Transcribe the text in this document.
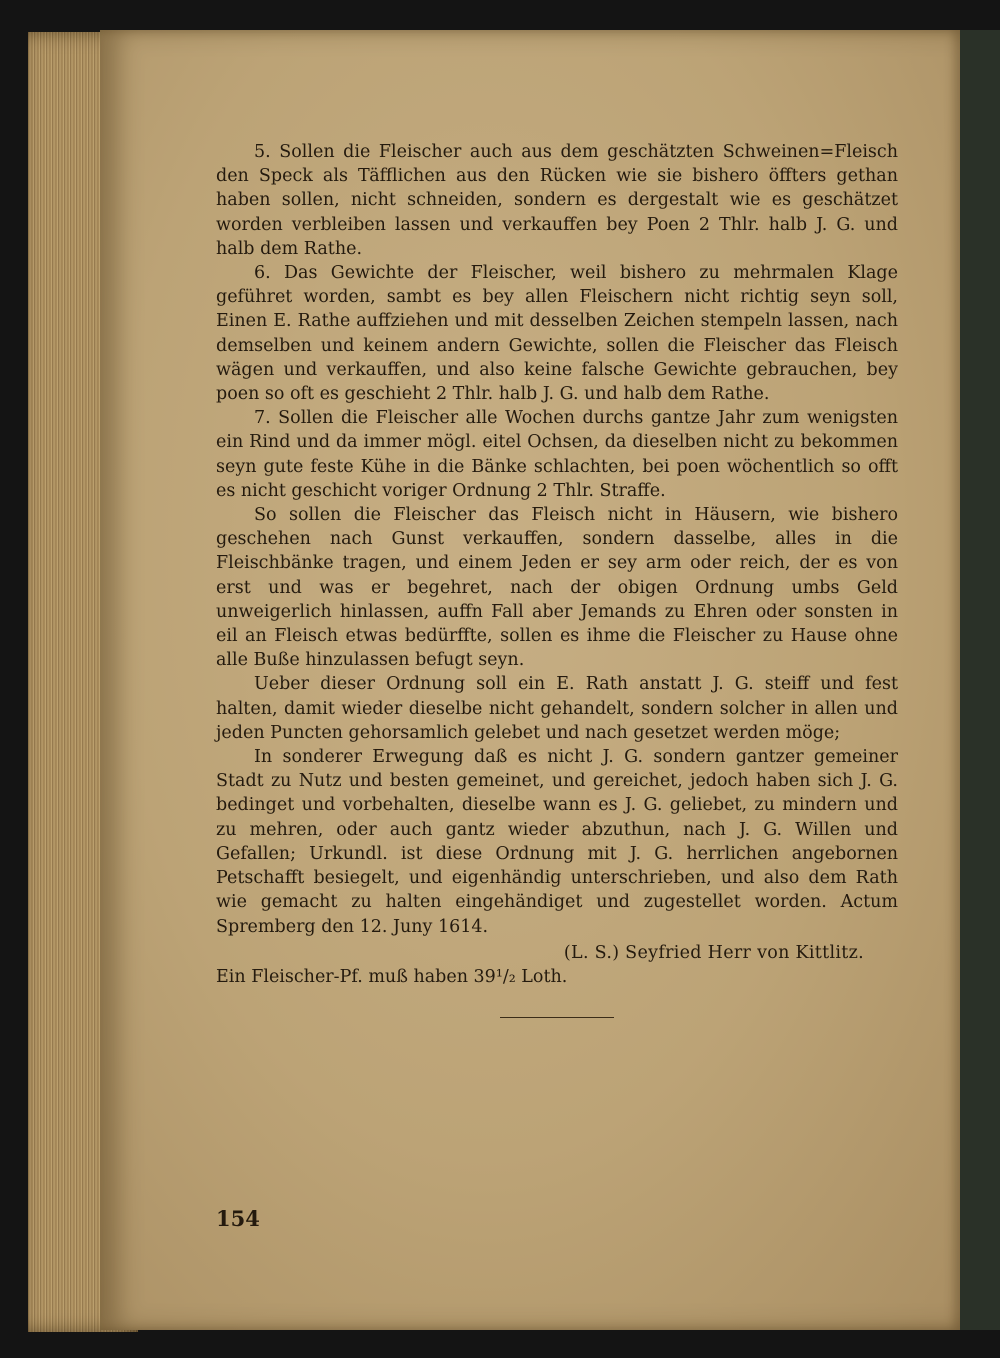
5. Sollen die Fleischer auch aus dem geschätzten Schweinen=Fleisch den Speck als Täfflichen aus den Rücken wie sie bishero öffters gethan haben sollen, nicht schneiden, sondern es dergestalt wie es geschätzet worden verbleiben lassen und verkauffen bey Poen 2 Thlr. halb J. G. und halb dem Rathe.

6. Das Gewichte der Fleischer, weil bishero zu mehrmalen Klage geführet worden, sambt es bey allen Fleischern nicht richtig seyn soll, Einen E. Rathe auffziehen und mit desselben Zeichen stempeln lassen, nach demselben und keinem andern Gewichte, sollen die Fleischer das Fleisch wägen und verkauffen, und also keine falsche Gewichte gebrauchen, bey poen so oft es geschieht 2 Thlr. halb J. G. und halb dem Rathe.

7. Sollen die Fleischer alle Wochen durchs gantze Jahr zum wenigsten ein Rind und da immer mögl. eitel Ochsen, da dieselben nicht zu bekommen seyn gute feste Kühe in die Bänke schlachten, bei poen wöchentlich so offt es nicht geschicht voriger Ordnung 2 Thlr. Straffe.

So sollen die Fleischer das Fleisch nicht in Häusern, wie bishero geschehen nach Gunst verkauffen, sondern dasselbe, alles in die Fleischbänke tragen, und einem Jeden er sey arm oder reich, der es von erst und was er begehret, nach der obigen Ordnung umbs Geld unweigerlich hinlassen, auffn Fall aber Jemands zu Ehren oder sonsten in eil an Fleisch etwas bedürffte, sollen es ihme die Fleischer zu Hause ohne alle Buße hinzulassen befugt seyn.

Ueber dieser Ordnung soll ein E. Rath anstatt J. G. steiff und fest halten, damit wieder dieselbe nicht gehandelt, sondern solcher in allen und jeden Puncten gehorsamlich gelebet und nach gesetzet werden möge;

In sonderer Erwegung daß es nicht J. G. sondern gantzer gemeiner Stadt zu Nutz und besten gemeinet, und gereichet, jedoch haben sich J. G. bedinget und vorbehalten, dieselbe wann es J. G. geliebet, zu mindern und zu mehren, oder auch gantz wieder abzuthun, nach J. G. Willen und Gefallen; Urkundl. ist diese Ordnung mit J. G. herrlichen angebornen Petschafft besiegelt, und eigenhändig unterschrieben, und also dem Rath wie gemacht zu halten eingehändiget und zugestellet worden. Actum Spremberg den 12. Juny 1614.

(L. S.) Seyfried Herr von Kittlitz.

Ein Fleischer-Pf. muß haben 39¹/₂ Loth.

154
